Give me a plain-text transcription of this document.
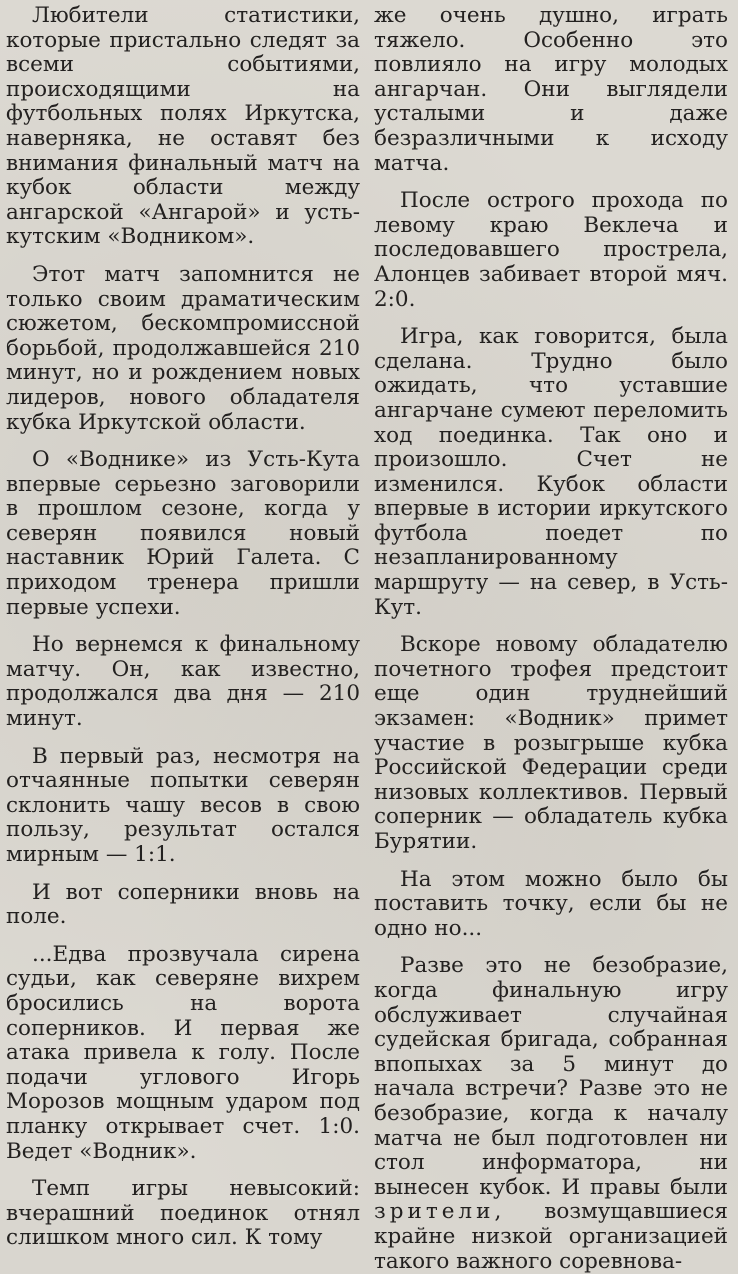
Любители статистики, которые пристально следят за всеми событиями, происходящими на футбольных полях Иркутска, наверняка, не оставят без внимания финальный матч на кубок области между ангарской «Ангарой» и усть-кутским «Водником».

Этот матч запомнится не только своим драматическим сюжетом, бескомпромиссной борьбой, продолжавшейся 210 минут, но и рождением новых лидеров, нового обладателя кубка Иркутской области.

О «Воднике» из Усть-Кута впервые серьезно заговорили в прошлом сезоне, когда у северян появился новый наставник Юрий Галета. С приходом тренера пришли первые успехи.

Но вернемся к финальному матчу. Он, как известно, продолжался два дня — 210 минут.

В первый раз, несмотря на отчаянные попытки северян склонить чашу весов в свою пользу, результат остался мирным — 1:1.

И вот соперники вновь на поле.

...Едва прозвучала сирена судьи, как северяне вихрем бросились на ворота соперников. И первая же атака привела к голу. После подачи углового Игорь Морозов мощным ударом под планку открывает счет. 1:0. Ведет «Водник».

Темп игры невысокий: вчерашний поединок отнял слишком много сил. К тому

же очень душно, играть тяжело. Особенно это повлияло на игру молодых ангарчан. Они выглядели усталыми и даже безразличными к исходу матча.

После острого прохода по левому краю Веклеча и последовавшего прострела, Алонцев забивает второй мяч. 2:0.

Игра, как говорится, была сделана. Трудно было ожидать, что уставшие ангарчане сумеют переломить ход поединка. Так оно и произошло. Счет не изменился. Кубок области впервые в истории иркутского футбола поедет по незапланированному маршруту — на север, в Усть-Кут.

Вскоре новому обладателю почетного трофея предстоит еще один труднейший экзамен: «Водник» примет участие в розыгрыше кубка Российской Федерации среди низовых коллективов. Первый соперник — обладатель кубка Бурятии.

На этом можно было бы поставить точку, если бы не одно но...

Разве это не безобразие, когда финальную игру обслуживает случайная судейская бригада, собранная впопыхах за 5 минут до начала встречи? Разве это не безобразие, когда к началу матча не был подготовлен ни стол информатора, ни вынесен кубок. И правы были зрители, возмущавшиеся крайне низкой организацией такого важного соревнова-
